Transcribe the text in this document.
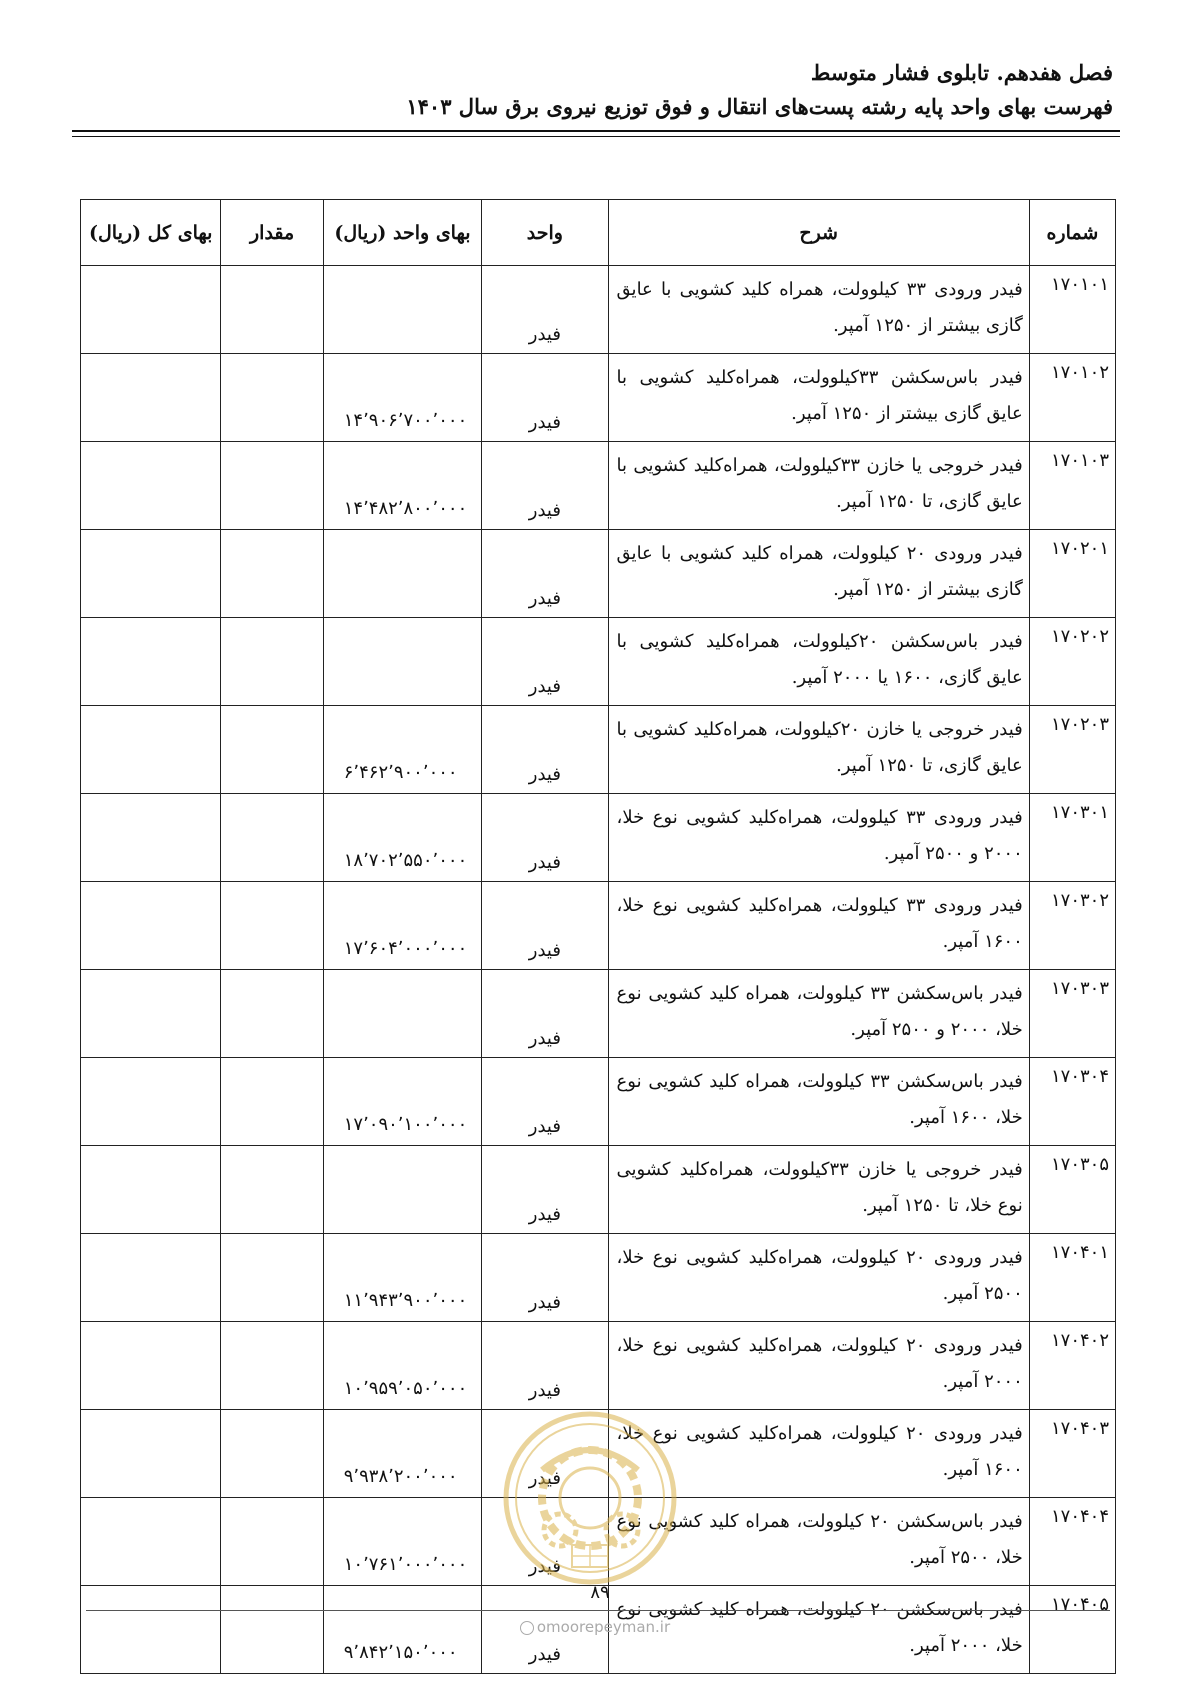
فصل هفدهم. تابلوی فشار متوسط
فهرست بهای واحد پایه رشته پست‌های انتقال و فوق توزیع نیروی برق سال ۱۴۰۳
شماره	شرح	واحد	بهای واحد (ریال)	مقدار	بهای کل (ریال)
۱۷۰۱۰۱	فیدر ورودی ۳۳ کیلوولت، همراه کلید کشویی با عایق گازی بیشتر از ۱۲۵۰ آمپر.	فیدر			
۱۷۰۱۰۲	فیدر باس‌سکشن ۳۳کیلوولت، همراه‌کلید کشویی با عایق گازی بیشتر از ۱۲۵۰ آمپر.	فیدر	۱۴٬۹۰۶٬۷۰۰٬۰۰۰		
۱۷۰۱۰۳	فیدر خروجی یا خازن ۳۳کیلوولت، همراه‌کلید کشویی با عایق گازی، تا ۱۲۵۰ آمپر.	فیدر	۱۴٬۴۸۲٬۸۰۰٬۰۰۰		
۱۷۰۲۰۱	فیدر ورودی ۲۰ کیلوولت، همراه کلید کشویی با عایق گازی بیشتر از ۱۲۵۰ آمپر.	فیدر			
۱۷۰۲۰۲	فیدر باس‌سکشن ۲۰کیلوولت، همراه‌کلید کشویی با عایق گازی، ۱۶۰۰ یا ۲۰۰۰ آمپر.	فیدر			
۱۷۰۲۰۳	فیدر خروجی یا خازن ۲۰کیلوولت، همراه‌کلید کشویی با عایق گازی، تا ۱۲۵۰ آمپر.	فیدر	۶٬۴۶۲٬۹۰۰٬۰۰۰		
۱۷۰۳۰۱	فیدر ورودی ۳۳ کیلوولت، همراه‌کلید کشویی نوع خلا، ۲۰۰۰ و ۲۵۰۰ آمپر.	فیدر	۱۸٬۷۰۲٬۵۵۰٬۰۰۰		
۱۷۰۳۰۲	فیدر ورودی ۳۳ کیلوولت، همراه‌کلید کشویی نوع خلا، ۱۶۰۰ آمپر.	فیدر	۱۷٬۶۰۴٬۰۰۰٬۰۰۰		
۱۷۰۳۰۳	فیدر باس‌سکشن ۳۳ کیلوولت، همراه کلید کشویی نوع خلا، ۲۰۰۰ و ۲۵۰۰ آمپر.	فیدر			
۱۷۰۳۰۴	فیدر باس‌سکشن ۳۳ کیلوولت، همراه کلید کشویی نوع خلا، ۱۶۰۰ آمپر.	فیدر	۱۷٬۰۹۰٬۱۰۰٬۰۰۰		
۱۷۰۳۰۵	فیدر خروجی یا خازن ۳۳کیلوولت، همراه‌کلید کشویی نوع خلا، تا ۱۲۵۰ آمپر.	فیدر			
۱۷۰۴۰۱	فیدر ورودی ۲۰ کیلوولت، همراه‌کلید کشویی نوع خلا، ۲۵۰۰ آمپر.	فیدر	۱۱٬۹۴۳٬۹۰۰٬۰۰۰		
۱۷۰۴۰۲	فیدر ورودی ۲۰ کیلوولت، همراه‌کلید کشویی نوع خلا، ۲۰۰۰ آمپر.	فیدر	۱۰٬۹۵۹٬۰۵۰٬۰۰۰		
۱۷۰۴۰۳	فیدر ورودی ۲۰ کیلوولت، همراه‌کلید کشویی نوع خلا، ۱۶۰۰ آمپر.	فیدر	۹٬۹۳۸٬۲۰۰٬۰۰۰		
۱۷۰۴۰۴	فیدر باس‌سکشن ۲۰ کیلوولت، همراه کلید کشویی نوع خلا، ۲۵۰۰ آمپر.	فیدر	۱۰٬۷۶۱٬۰۰۰٬۰۰۰		
۱۷۰۴۰۵	فیدر باس‌سکشن ۲۰ کیلوولت، همراه کلید کشویی نوع خلا، ۲۰۰۰ آمپر.	فیدر	۹٬۸۴۲٬۱۵۰٬۰۰۰		
۸۹
omoorepeyman.ir
